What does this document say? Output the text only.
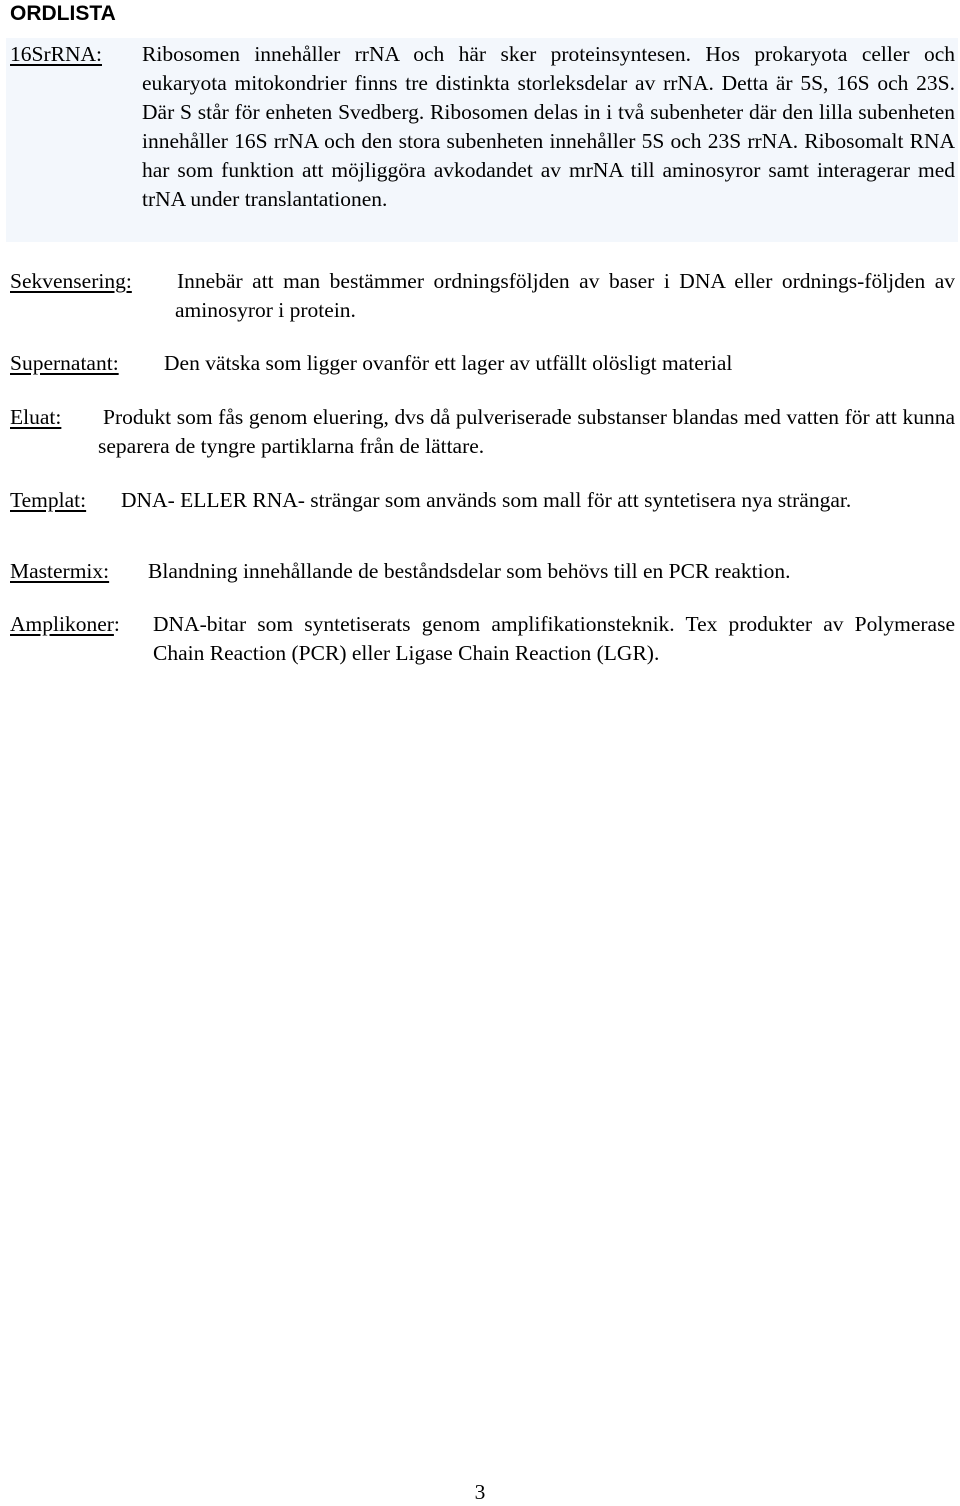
ORDLISTA
16SrRNA: Ribosomen innehåller rrNA och här sker proteinsyntesen. Hos prokaryota celler och eukaryota mitokondrier finns tre distinkta storleksdelar av rrNA. Detta är 5S, 16S och 23S. Där S står för enheten Svedberg. Ribosomen delas in i två subenheter där den lilla subenheten innehåller 16S rrNA och den stora subenheten innehåller 5S och 23S rrNA. Ribosomalt RNA har som funktion att möjliggöra avkodandet av mrNA till aminosyror samt interagerar med trNA under translantationen.
Sekvensering: Innebär att man bestämmer ordningsföljden av baser i DNA eller ordnings-följden av aminosyror i protein.
Supernatant: Den vätska som ligger ovanför ett lager av utfällt olösligt material
Eluat: Produkt som fås genom eluering, dvs då pulveriserade substanser blandas med vatten för att kunna separera de tyngre partiklarna från de lättare.
Templat: DNA- ELLER RNA- strängar som används som mall för att syntetisera nya strängar.
Mastermix: Blandning innehållande de beståndsdelar som behövs till en PCR reaktion.
Amplikoner: DNA-bitar som syntetiserats genom amplifikationsteknik. Tex produkter av Polymerase Chain Reaction (PCR) eller Ligase Chain Reaction (LGR).
3
